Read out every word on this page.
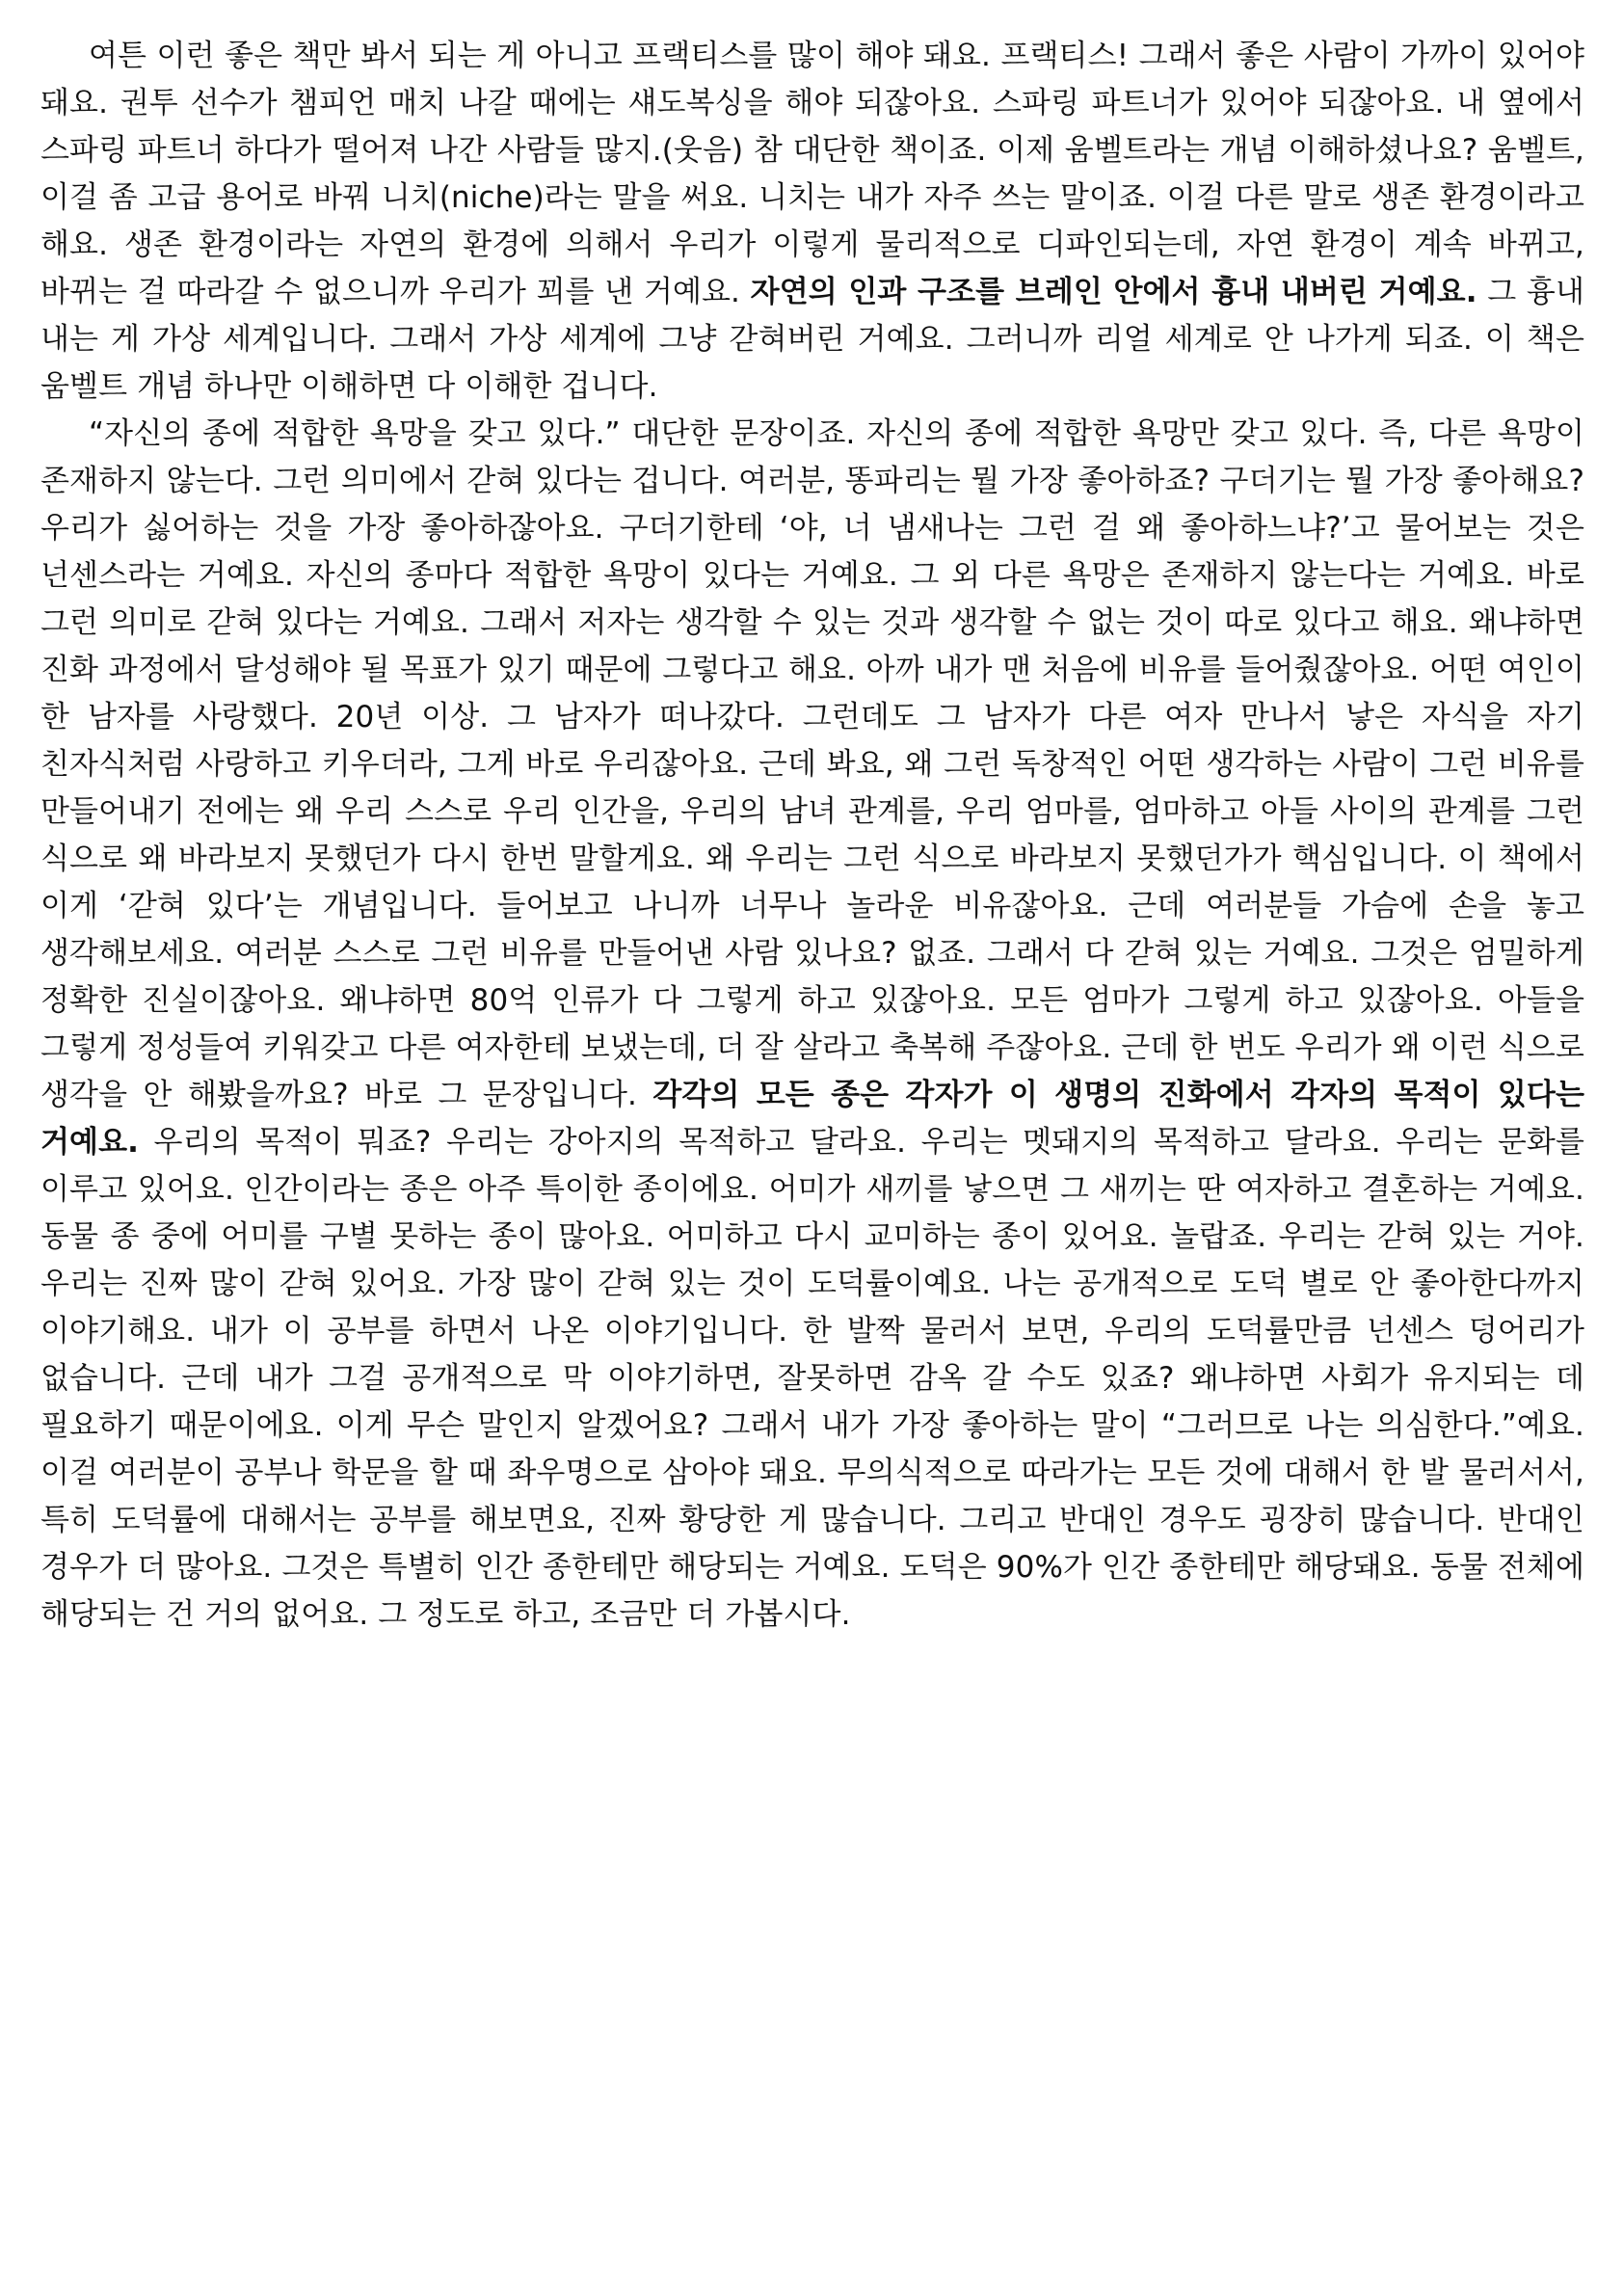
여튼 이런 좋은 책만 봐서 되는 게 아니고 프랙티스를 많이 해야 돼요. 프랙티스! 그래서 좋은 사람이 가까이 있어야 돼요. 권투 선수가 챔피언 매치 나갈 때에는 섀도복싱을 해야 되잖아요. 스파링 파트너가 있어야 되잖아요. 내 옆에서 스파링 파트너 하다가 떨어져 나간 사람들 많지.(웃음) 참 대단한 책이죠. 이제 움벨트라는 개념 이해하셨나요? 움벨트, 이걸 좀 고급 용어로 바꿔 니치(niche)라는 말을 써요. 니치는 내가 자주 쓰는 말이죠. 이걸 다른 말로 생존 환경이라고 해요. 생존 환경이라는 자연의 환경에 의해서 우리가 이렇게 물리적으로 디파인되는데, 자연 환경이 계속 바뀌고, 바뀌는 걸 따라갈 수 없으니까 우리가 꾀를 낸 거예요. 자연의 인과 구조를 브레인 안에서 흉내 내버린 거예요. 그 흉내 내는 게 가상 세계입니다. 그래서 가상 세계에 그냥 갇혀버린 거예요. 그러니까 리얼 세계로 안 나가게 되죠. 이 책은 움벨트 개념 하나만 이해하면 다 이해한 겁니다.

“자신의 종에 적합한 욕망을 갖고 있다.” 대단한 문장이죠. 자신의 종에 적합한 욕망만 갖고 있다. 즉, 다른 욕망이 존재하지 않는다. 그런 의미에서 갇혀 있다는 겁니다. 여러분, 똥파리는 뭘 가장 좋아하죠? 구더기는 뭘 가장 좋아해요? 우리가 싫어하는 것을 가장 좋아하잖아요. 구더기한테 ‘야, 너 냄새나는 그런 걸 왜 좋아하느냐?’고 물어보는 것은 넌센스라는 거예요. 자신의 종마다 적합한 욕망이 있다는 거예요. 그 외 다른 욕망은 존재하지 않는다는 거예요. 바로 그런 의미로 갇혀 있다는 거예요. 그래서 저자는 생각할 수 있는 것과 생각할 수 없는 것이 따로 있다고 해요. 왜냐하면 진화 과정에서 달성해야 될 목표가 있기 때문에 그렇다고 해요. 아까 내가 맨 처음에 비유를 들어줬잖아요. 어떤 여인이 한 남자를 사랑했다. 20년 이상. 그 남자가 떠나갔다. 그런데도 그 남자가 다른 여자 만나서 낳은 자식을 자기 친자식처럼 사랑하고 키우더라, 그게 바로 우리잖아요. 근데 봐요, 왜 그런 독창적인 어떤 생각하는 사람이 그런 비유를 만들어내기 전에는 왜 우리 스스로 우리 인간을, 우리의 남녀 관계를, 우리 엄마를, 엄마하고 아들 사이의 관계를 그런 식으로 왜 바라보지 못했던가 다시 한번 말할게요. 왜 우리는 그런 식으로 바라보지 못했던가가 핵심입니다. 이 책에서 이게 ‘갇혀 있다’는 개념입니다. 들어보고 나니까 너무나 놀라운 비유잖아요. 근데 여러분들 가슴에 손을 놓고 생각해보세요. 여러분 스스로 그런 비유를 만들어낸 사람 있나요? 없죠. 그래서 다 갇혀 있는 거예요. 그것은 엄밀하게 정확한 진실이잖아요. 왜냐하면 80억 인류가 다 그렇게 하고 있잖아요. 모든 엄마가 그렇게 하고 있잖아요. 아들을 그렇게 정성들여 키워갖고 다른 여자한테 보냈는데, 더 잘 살라고 축복해 주잖아요. 근데 한 번도 우리가 왜 이런 식으로 생각을 안 해봤을까요? 바로 그 문장입니다. 각각의 모든 종은 각자가 이 생명의 진화에서 각자의 목적이 있다는 거예요. 우리의 목적이 뭐죠? 우리는 강아지의 목적하고 달라요. 우리는 멧돼지의 목적하고 달라요. 우리는 문화를 이루고 있어요. 인간이라는 종은 아주 특이한 종이에요. 어미가 새끼를 낳으면 그 새끼는 딴 여자하고 결혼하는 거예요. 동물 종 중에 어미를 구별 못하는 종이 많아요. 어미하고 다시 교미하는 종이 있어요. 놀랍죠. 우리는 갇혀 있는 거야. 우리는 진짜 많이 갇혀 있어요. 가장 많이 갇혀 있는 것이 도덕률이예요. 나는 공개적으로 도덕 별로 안 좋아한다까지 이야기해요. 내가 이 공부를 하면서 나온 이야기입니다. 한 발짝 물러서 보면, 우리의 도덕률만큼 넌센스 덩어리가 없습니다. 근데 내가 그걸 공개적으로 막 이야기하면, 잘못하면 감옥 갈 수도 있죠? 왜냐하면 사회가 유지되는 데 필요하기 때문이에요. 이게 무슨 말인지 알겠어요? 그래서 내가 가장 좋아하는 말이 “그러므로 나는 의심한다.”예요. 이걸 여러분이 공부나 학문을 할 때 좌우명으로 삼아야 돼요. 무의식적으로 따라가는 모든 것에 대해서 한 발 물러서서, 특히 도덕률에 대해서는 공부를 해보면요, 진짜 황당한 게 많습니다. 그리고 반대인 경우도 굉장히 많습니다. 반대인 경우가 더 많아요. 그것은 특별히 인간 종한테만 해당되는 거예요. 도덕은 90%가 인간 종한테만 해당돼요. 동물 전체에 해당되는 건 거의 없어요. 그 정도로 하고, 조금만 더 가봅시다.
